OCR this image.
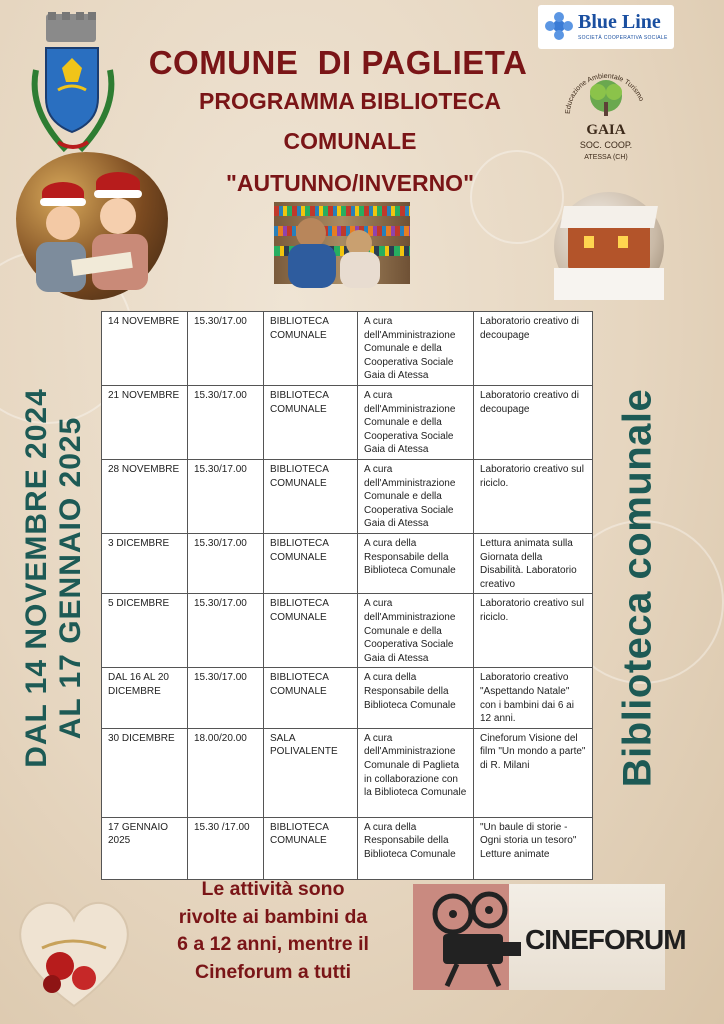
Blue Line
SOCIETÀ COOPERATIVA SOCIALE
Educazione Ambientale Turismo
GAIA
SOC. COOP.
ATESSA (CH)
COMUNE  DI PAGLIETA
PROGRAMMA BIBLIOTECA
COMUNALE
"AUTUNNO/INVERNO"
DAL 14 NOVEMBRE 2024 AL 17 GENNAIO 2025	Biblioteca comunale
14 NOVEMBRE	15.30/17.00	BIBLIOTECA COMUNALE	A cura dell'Amministrazione Comunale e della Cooperativa Sociale Gaia di Atessa	Laboratorio creativo di decoupage
21 NOVEMBRE	15.30/17.00	BIBLIOTECA COMUNALE	A cura dell'Amministrazione Comunale e della Cooperativa Sociale Gaia di Atessa	Laboratorio creativo di decoupage
28 NOVEMBRE	15.30/17.00	BIBLIOTECA COMUNALE	A cura dell'Amministrazione Comunale e della Cooperativa Sociale Gaia di Atessa	Laboratorio creativo sul riciclo.
3 DICEMBRE	15.30/17.00	BIBLIOTECA COMUNALE	A cura della Responsabile della Biblioteca Comunale	Lettura animata sulla Giornata della Disabilità. Laboratorio creativo
5 DICEMBRE	15.30/17.00	BIBLIOTECA COMUNALE	A cura dell'Amministrazione Comunale e della Cooperativa Sociale Gaia di Atessa	Laboratorio creativo sul riciclo.
DAL 16 AL 20 DICEMBRE	15.30/17.00	BIBLIOTECA COMUNALE	A cura della Responsabile della Biblioteca Comunale	Laboratorio creativo "Aspettando Natale" con i bambini dai 6 ai 12 anni.
30 DICEMBRE	18.00/20.00	SALA POLIVALENTE	A cura dell'Amministrazione Comunale di Paglieta in collaborazione con la Biblioteca Comunale	Cineforum Visione del film "Un mondo a parte" di R. Milani
17 GENNAIO 2025	15.30 /17.00	BIBLIOTECA COMUNALE	A cura della Responsabile della Biblioteca Comunale	"Un baule di storie - Ogni storia un tesoro" Letture animate
Le attività sono
rivolte ai bambini da
6 a 12 anni, mentre il
Cineforum a tutti
CINEFORUM
